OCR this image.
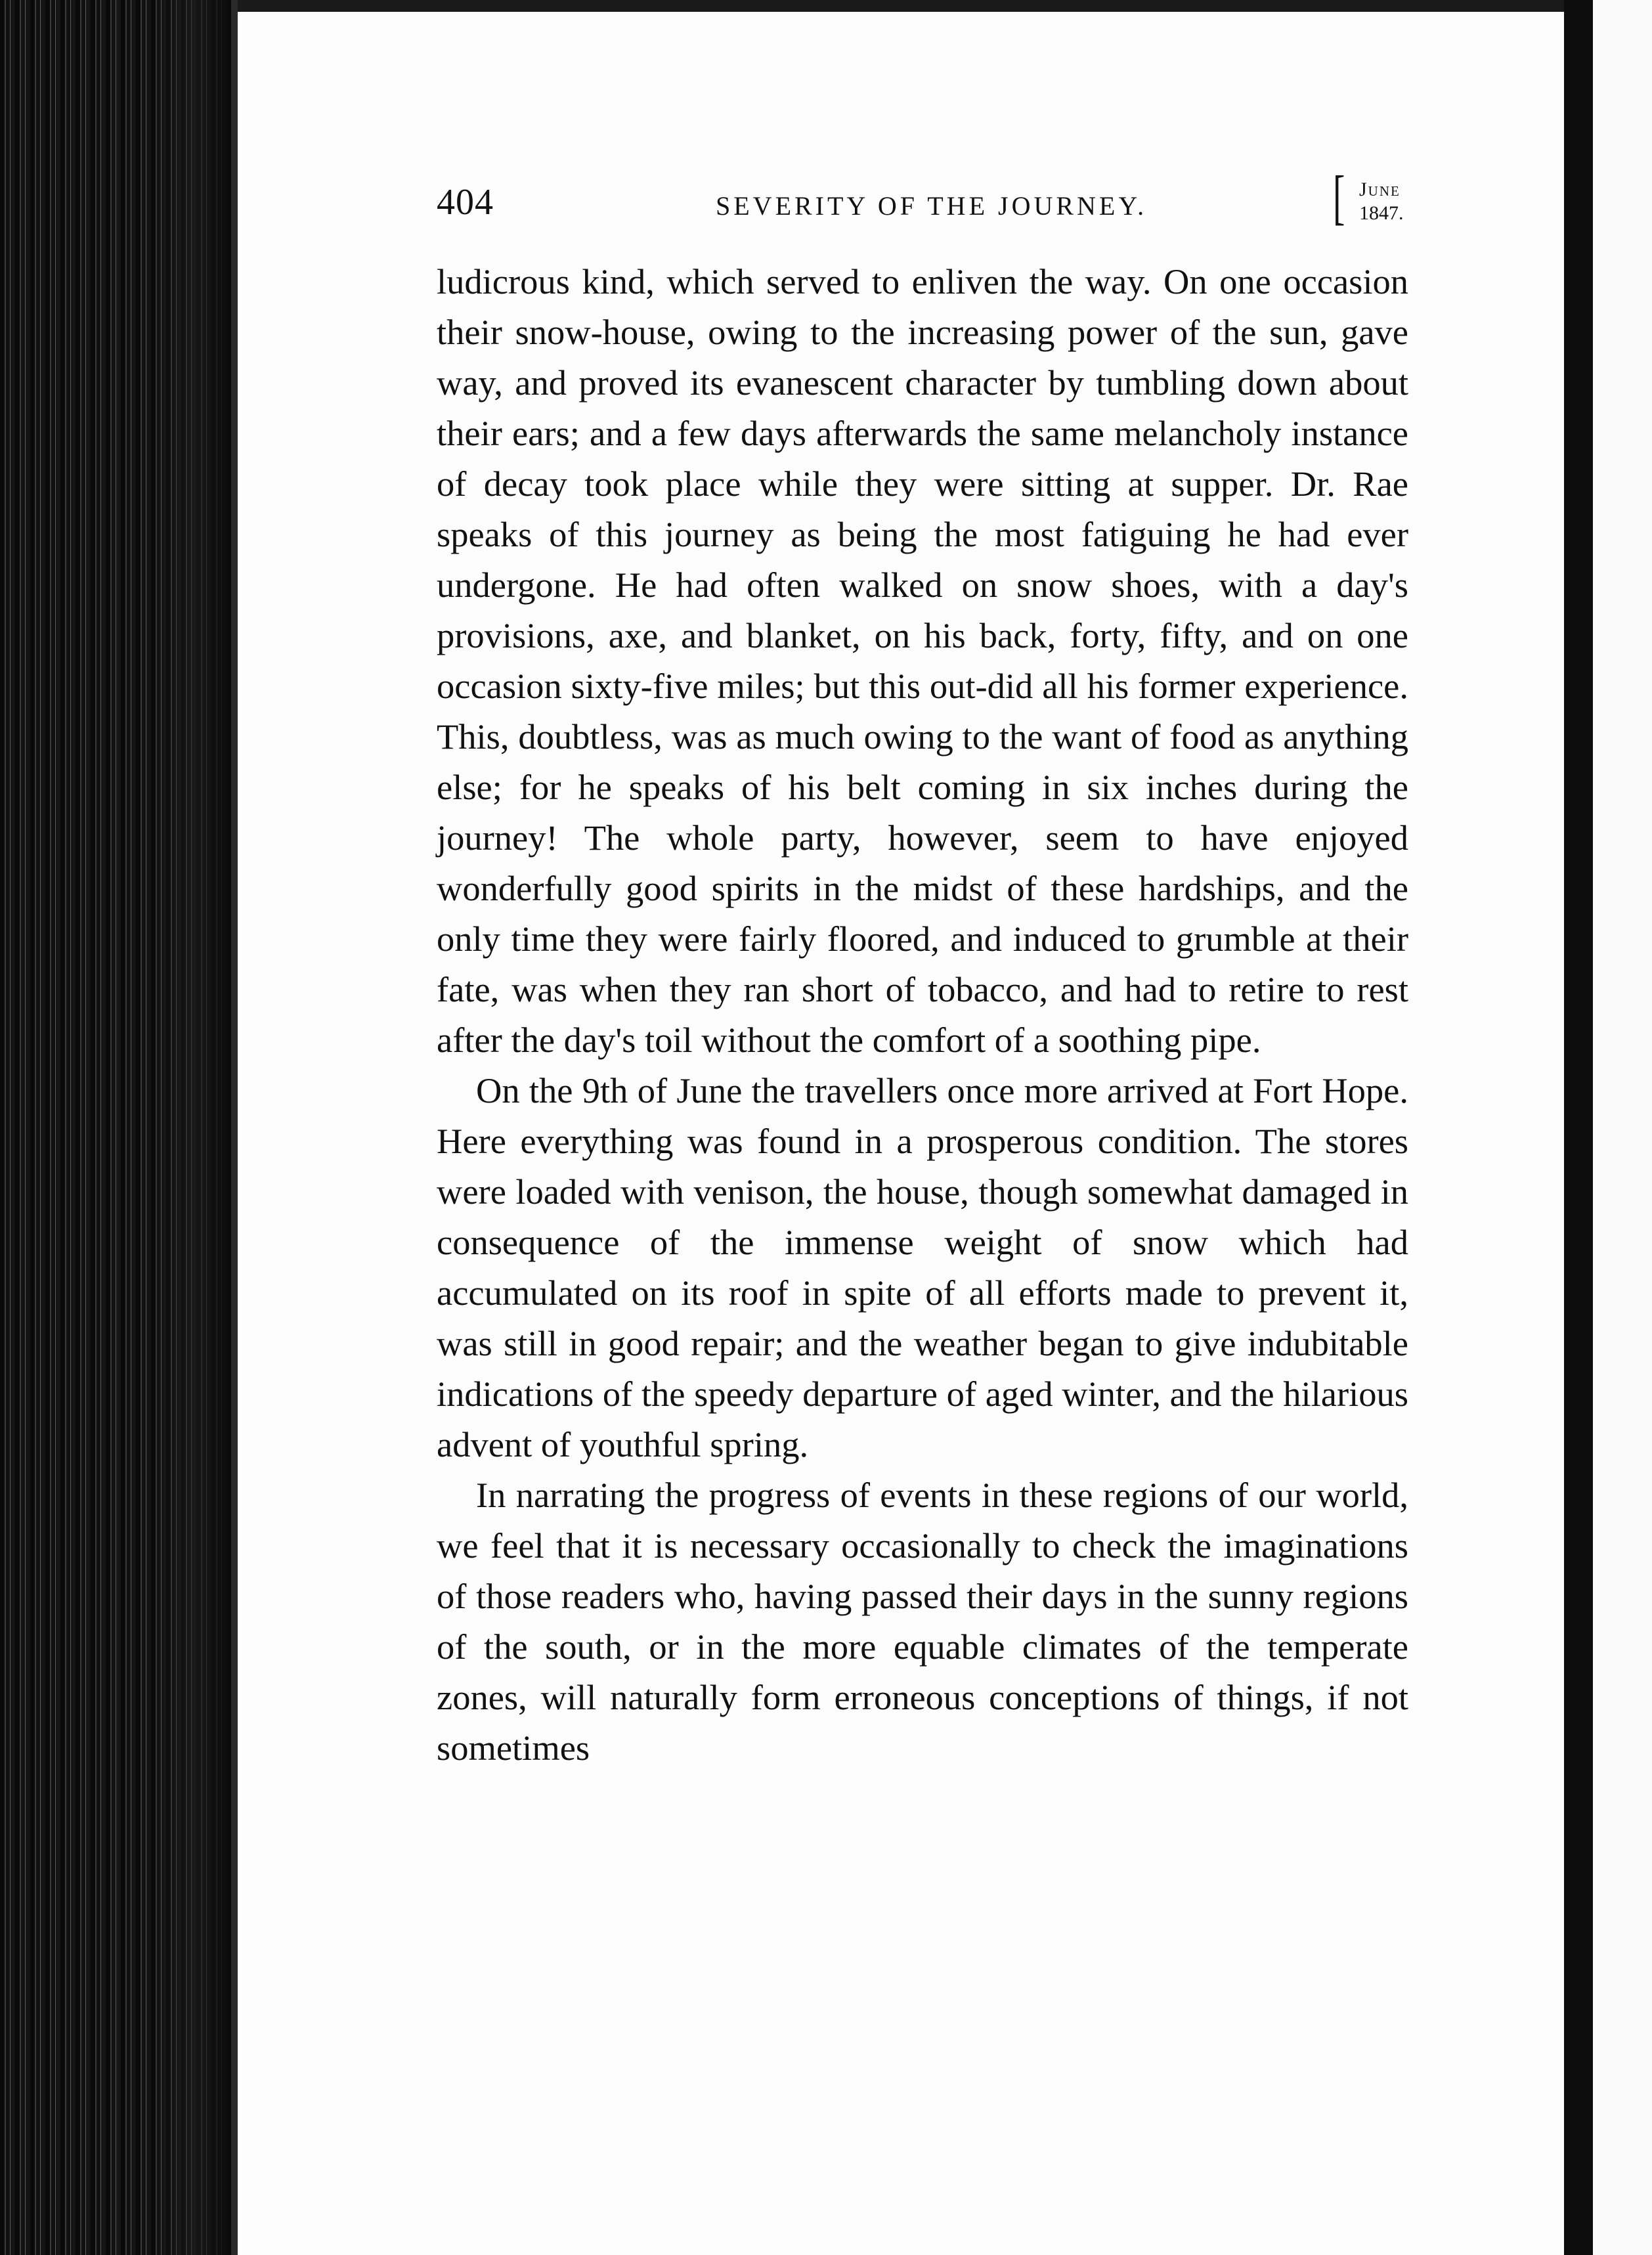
404	SEVERITY OF THE JOURNEY.	[ June
1847.

ludicrous kind, which served to enliven the way. On one occasion their snow-house, owing to the increasing power of the sun, gave way, and proved its evanescent character by tumbling down about their ears; and a few days afterwards the same melancholy instance of decay took place while they were sitting at supper. Dr. Rae speaks of this journey as being the most fatiguing he had ever undergone. He had often walked on snow shoes, with a day's provisions, axe, and blanket, on his back, forty, fifty, and on one occasion sixty-five miles; but this out-did all his former experience. This, doubtless, was as much owing to the want of food as anything else; for he speaks of his belt coming in six inches during the journey! The whole party, however, seem to have enjoyed wonderfully good spirits in the midst of these hardships, and the only time they were fairly floored, and induced to grumble at their fate, was when they ran short of tobacco, and had to retire to rest after the day's toil without the comfort of a soothing pipe.

On the 9th of June the travellers once more arrived at Fort Hope. Here everything was found in a prosperous condition. The stores were loaded with venison, the house, though somewhat damaged in consequence of the immense weight of snow which had accumulated on its roof in spite of all efforts made to prevent it, was still in good repair; and the weather began to give indubitable indications of the speedy departure of aged winter, and the hilarious advent of youthful spring.

In narrating the progress of events in these regions of our world, we feel that it is necessary occasionally to check the imaginations of those readers who, having passed their days in the sunny regions of the south, or in the more equable climates of the temperate zones, will naturally form erroneous conceptions of things, if not sometimes
